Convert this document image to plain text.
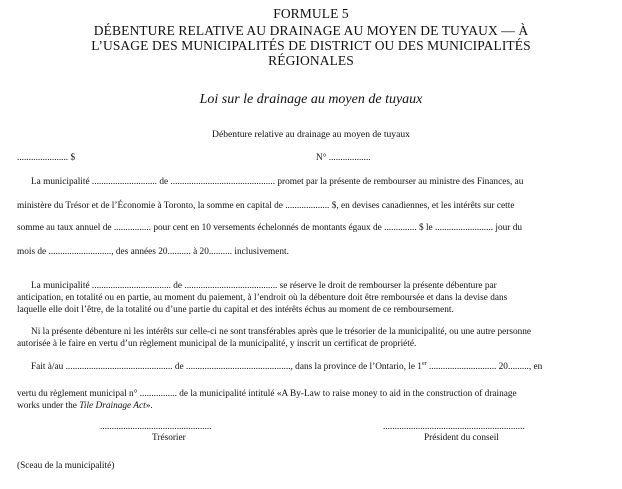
FORMULE 5
DÉBENTURE RELATIVE AU DRAINAGE AU MOYEN DE TUYAUX — À
L’USAGE DES MUNICIPALITÉS DE DISTRICT OU DES MUNICIPALITÉS
RÉGIONALES
Loi sur le drainage au moyen de tuyaux
Débenture relative au drainage au moyen de tuyaux
...................... $	N° ..................
La municipalité ............................ de ............................................. promet par la présente de rembourser au ministre des Finances, au
ministère du Trésor et de l’Économie à Toronto, la somme en capital de ................... $, en devises canadiennes, et les intérêts sur cette
somme au taux annuel de ................ pour cent en 10 versements échelonnés de montants égaux de .............. $ le ......................... jour du
mois de ..........................., des années 20.......... à 20.......... inclusivement.
La municipalité .................................. de ........................................ se réserve le droit de rembourser la présente débenture par
anticipation, en totalité ou en partie, au moment du paiement, à l’endroit où la débenture doit être remboursée et dans la devise dans
laquelle elle doit l’être, de la totalité ou d’une partie du capital et des intérêts échus au moment de ce remboursement.
Ni la présente débenture ni les intérêts sur celle-ci ne sont transférables après que le trésorier de la municipalité, ou une autre personne
autorisée à le faire en vertu d’un règlement municipal de la municipalité, y inscrit un certificat de propriété.
Fait à/au .............................................. de ............................................., dans la province de l’Ontario, le 1er ............................. 20........., en
vertu du règlement municipal n° ................ de la municipalité intitulé «A By-Law to raise money to aid in the construction of drainage
works under the Tile Drainage Act».
................................................
Trésorier
.............................................................
Président du conseil
(Sceau de la municipalité)
